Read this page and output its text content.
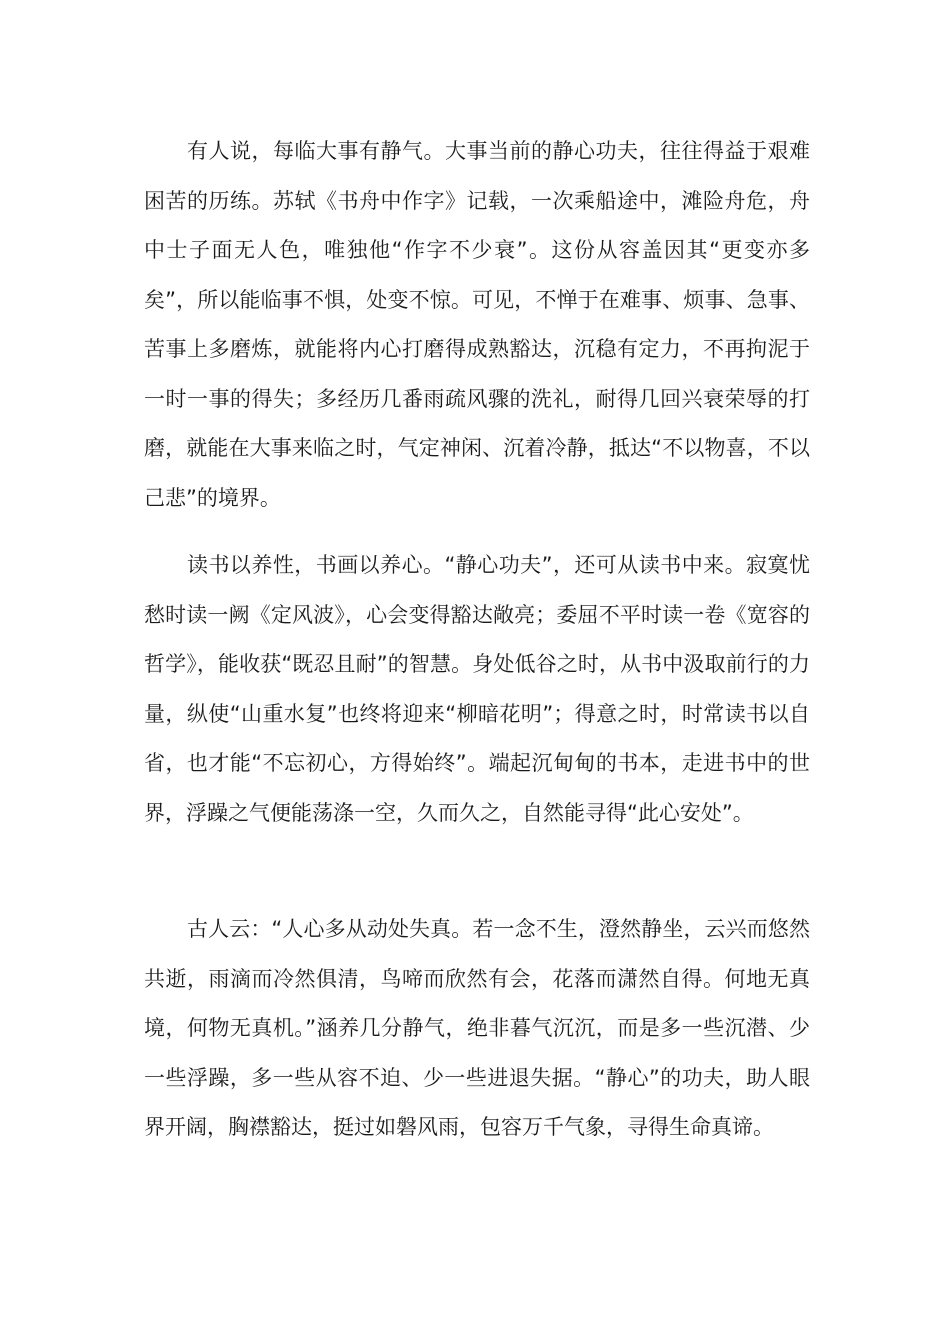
有人说，每临大事有静气。大事当前的静心功夫，往往得益于艰难困苦的历练。苏轼《书舟中作字》记载，一次乘船途中，滩险舟危，舟中士子面无人色，唯独他“作字不少衰”。这份从容盖因其“更变亦多矣”，所以能临事不惧，处变不惊。可见，不惮于在难事、烦事、急事、苦事上多磨炼，就能将内心打磨得成熟豁达，沉稳有定力，不再拘泥于一时一事的得失；多经历几番雨疏风骤的洗礼，耐得几回兴衰荣辱的打磨，就能在大事来临之时，气定神闲、沉着冷静，抵达“不以物喜，不以己悲”的境界。

读书以养性，书画以养心。“静心功夫”，还可从读书中来。寂寞忧愁时读一阙《定风波》，心会变得豁达敞亮；委屈不平时读一卷《宽容的哲学》，能收获“既忍且耐”的智慧。身处低谷之时，从书中汲取前行的力量，纵使“山重水复”也终将迎来“柳暗花明”；得意之时，时常读书以自省，也才能“不忘初心，方得始终”。端起沉甸甸的书本，走进书中的世界，浮躁之气便能荡涤一空，久而久之，自然能寻得“此心安处”。

古人云：“人心多从动处失真。若一念不生，澄然静坐，云兴而悠然共逝，雨滴而冷然俱清，鸟啼而欣然有会，花落而潇然自得。何地无真境，何物无真机。”涵养几分静气，绝非暮气沉沉，而是多一些沉潜、少一些浮躁，多一些从容不迫、少一些进退失据。“静心”的功夫，助人眼界开阔，胸襟豁达，挺过如磐风雨，包容万千气象，寻得生命真谛。
